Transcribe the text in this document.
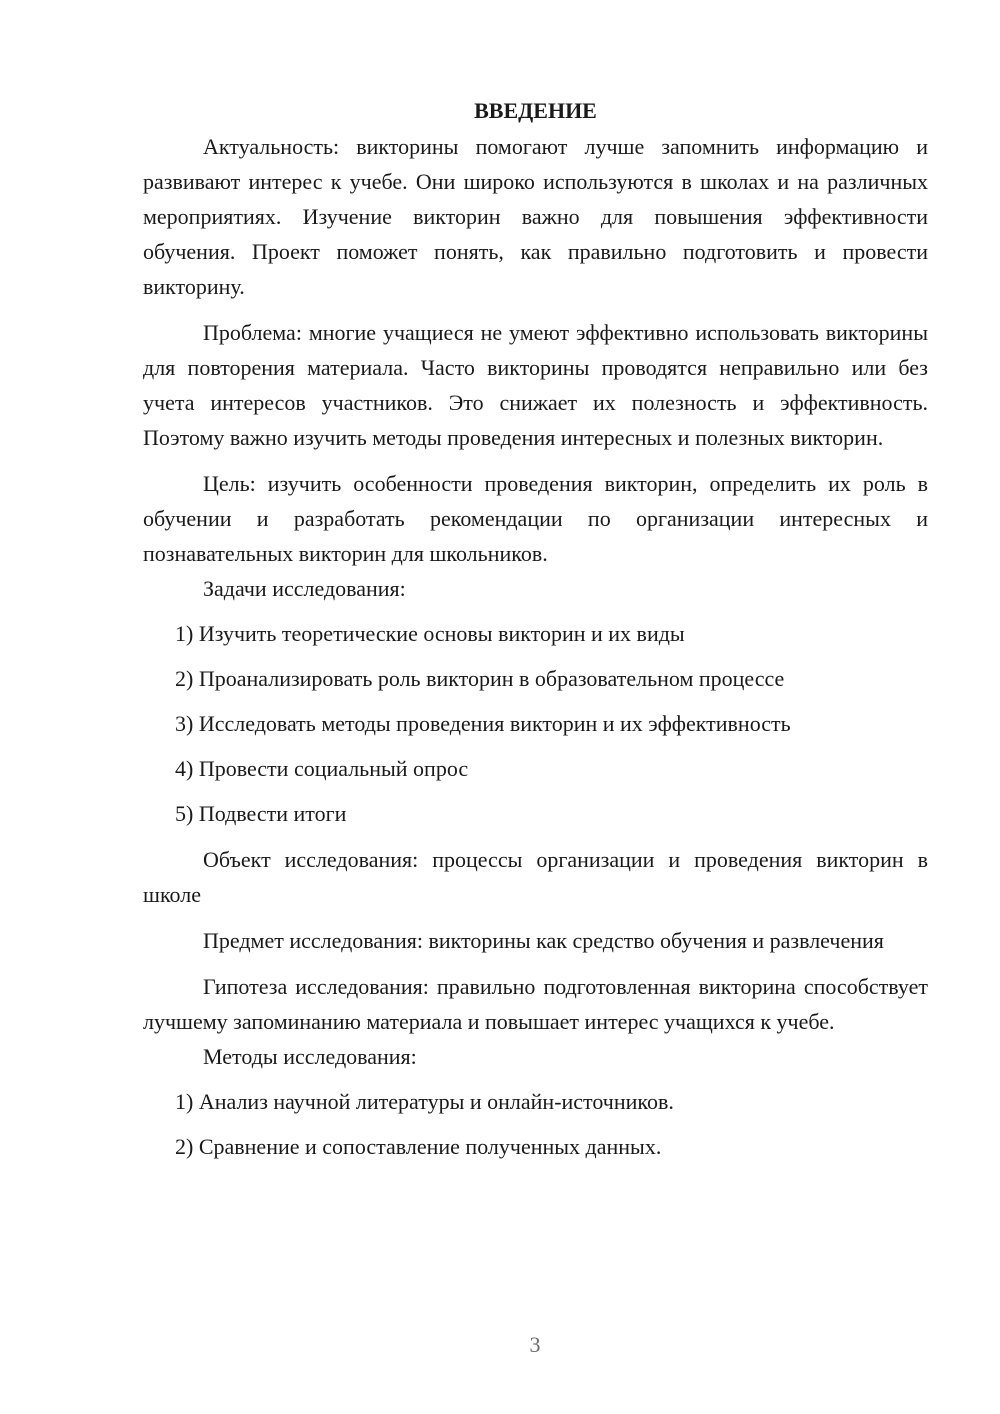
ВВЕДЕНИЕ

Актуальность: викторины помогают лучше запомнить информацию и развивают интерес к учебе. Они широко используются в школах и на различных мероприятиях. Изучение викторин важно для повышения эффективности обучения. Проект поможет понять, как правильно подготовить и провести викторину.

Проблема: многие учащиеся не умеют эффективно использовать викторины для повторения материала. Часто викторины проводятся неправильно или без учета интересов участников. Это снижает их полезность и эффективность. Поэтому важно изучить методы проведения интересных и полезных викторин.

Цель: изучить особенности проведения викторин, определить их роль в обучении и разработать рекомендации по организации интересных и познавательных викторин для школьников.

Задачи исследования:

1) Изучить теоретические основы викторин и их виды

2) Проанализировать роль викторин в образовательном процессе

3) Исследовать методы проведения викторин и их эффективность

4) Провести социальный опрос

5) Подвести итоги

Объект исследования: процессы организации и проведения викторин в школе

Предмет исследования: викторины как средство обучения и развлечения

Гипотеза исследования: правильно подготовленная викторина способствует лучшему запоминанию материала и повышает интерес учащихся к учебе.

Методы исследования:

1) Анализ научной литературы и онлайн-источников.

2) Сравнение и сопоставление полученных данных.

3
